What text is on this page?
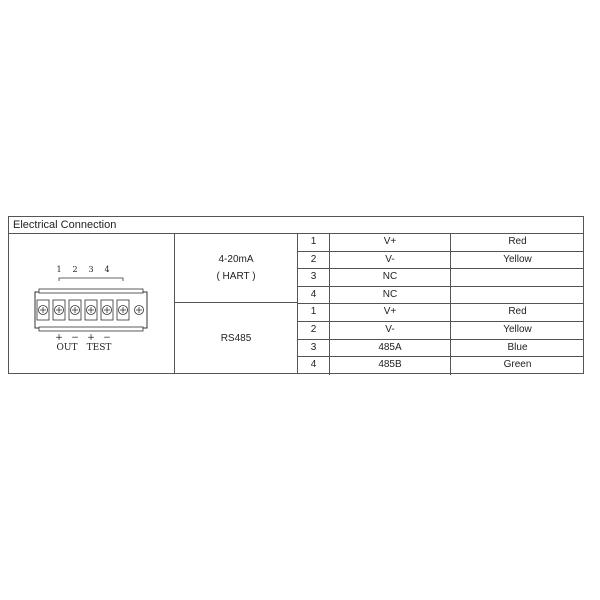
Electrical Connection
1 2 3 4
+ − + −
OUT TEST
4-20mA
( HART )
RS485
1	V+	Red
2	V-	Yellow
3	NC
4	NC
1	V+	Red
2	V-	Yellow
3	485A	Blue
4	485B	Green
